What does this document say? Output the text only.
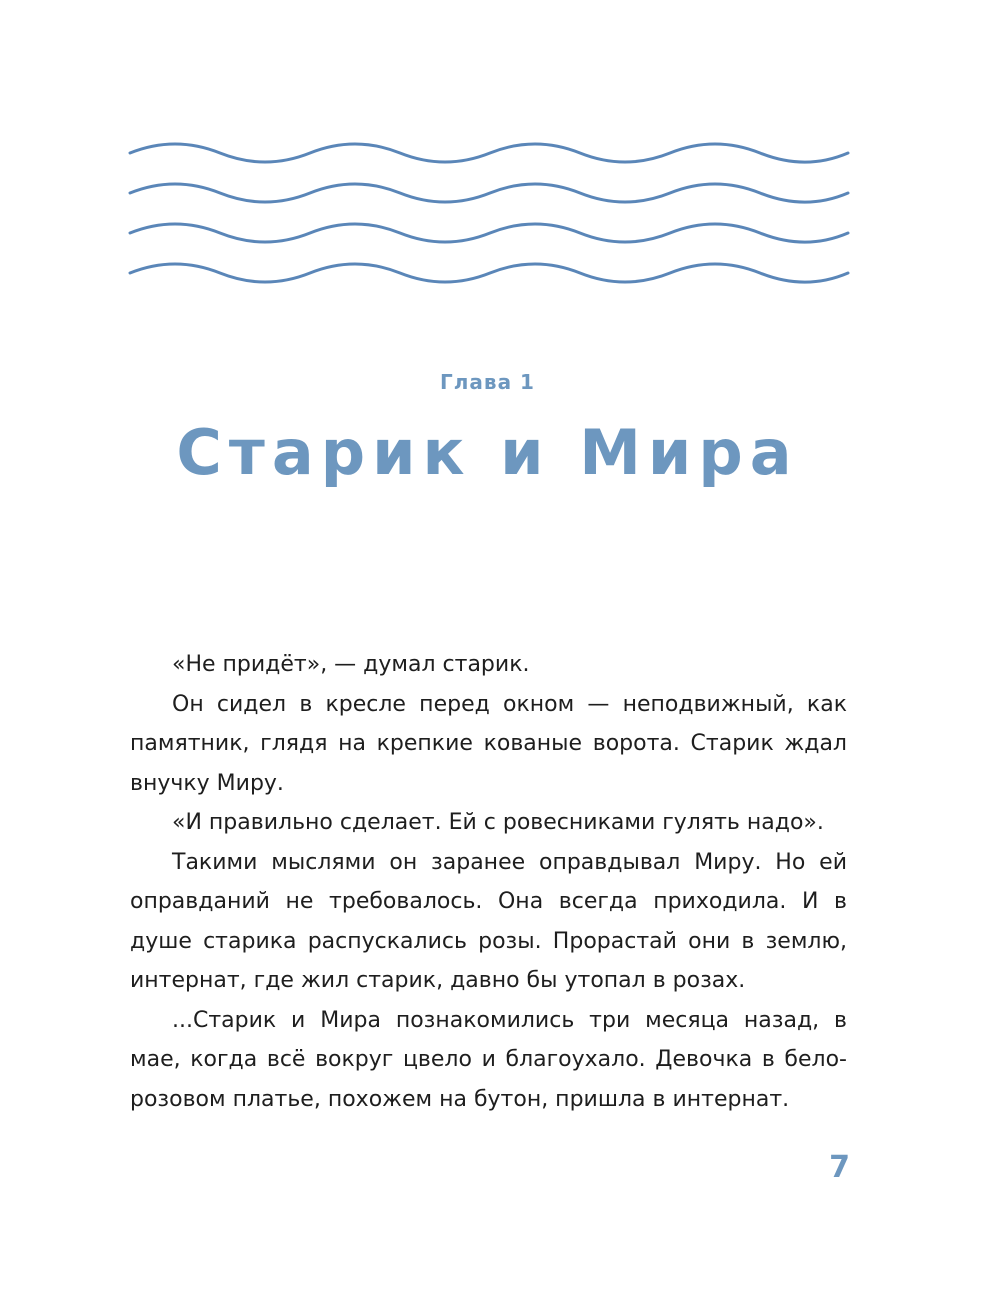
Глава 1
Старик и Мира

«Не придёт», — думал старик.

Он сидел в кресле перед окном — неподвижный, как памятник, глядя на крепкие кованые ворота. Старик ждал внучку Миру.

«И правильно сделает. Ей с ровесниками гулять надо».

Такими мыслями он заранее оправдывал Миру. Но ей оправданий не требовалось. Она всегда приходила. И в душе старика распускались розы. Прорастай они в землю, интернат, где жил старик, давно бы утопал в розах.

...Старик и Мира познакомились три месяца назад, в мае, когда всё вокруг цвело и благоухало. Девочка в бело-розовом платье, похожем на бутон, пришла в интернат.

7
